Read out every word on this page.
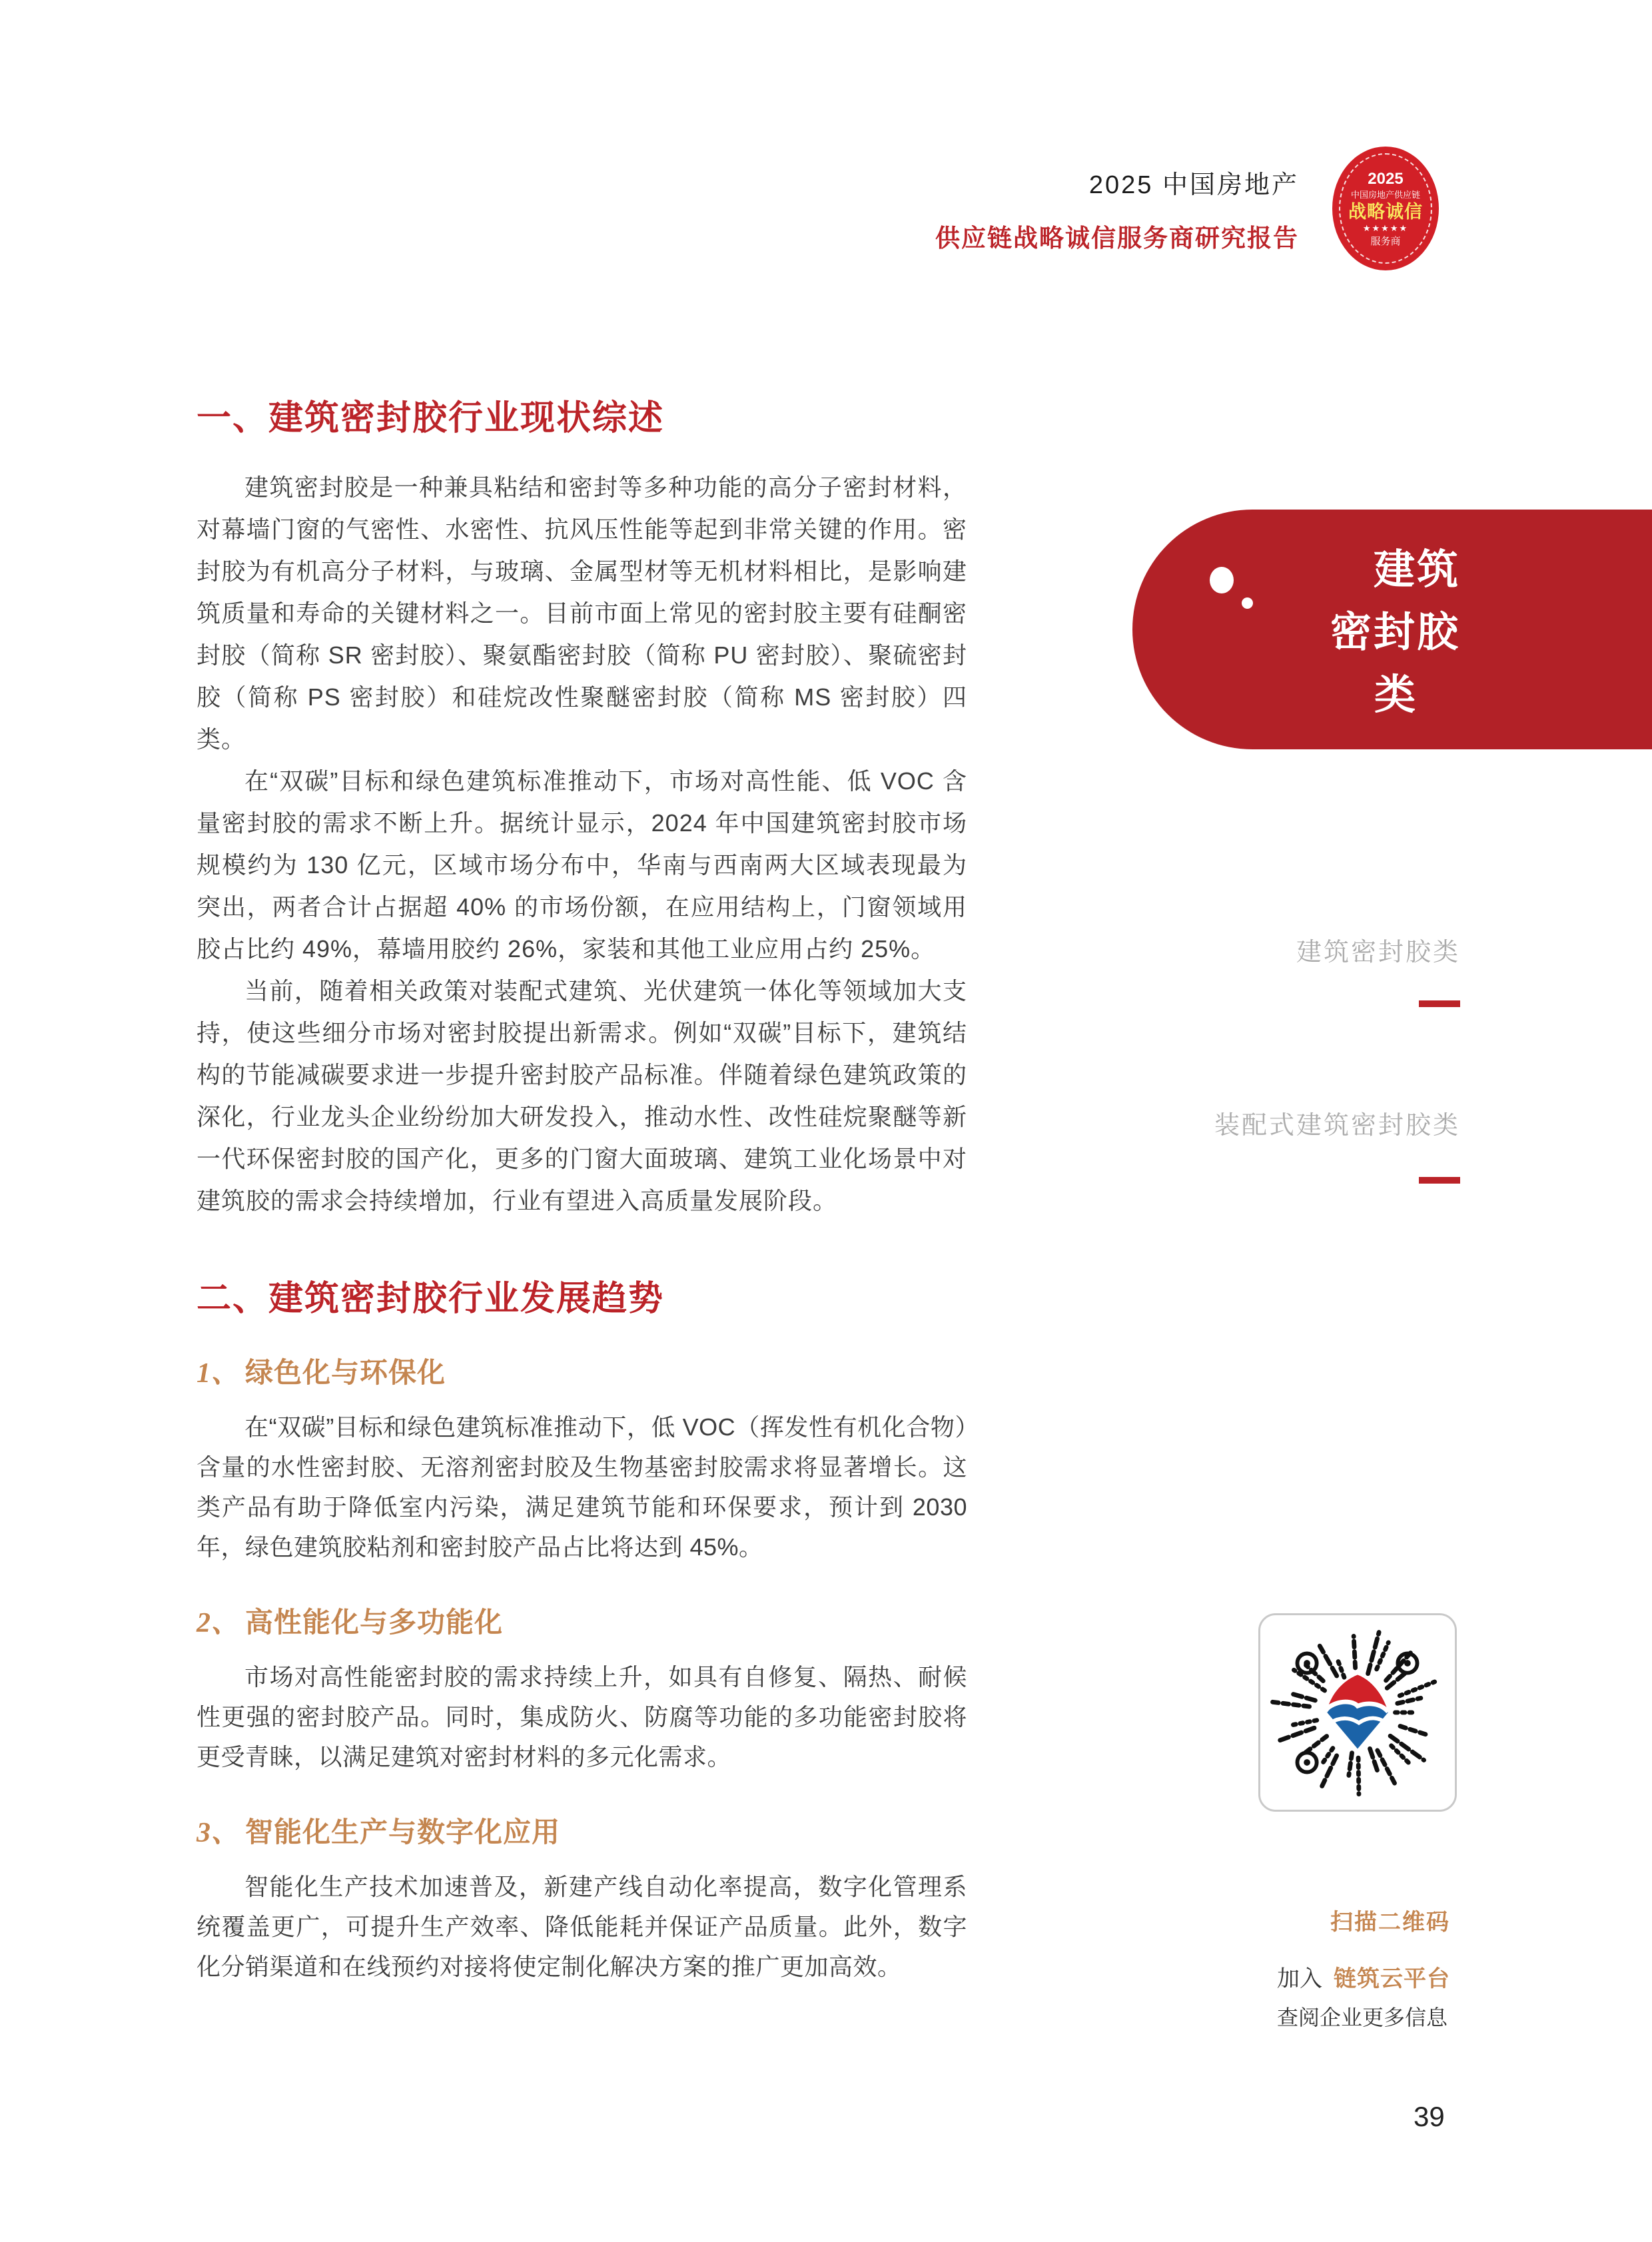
2025 中国房地产
供应链战略诚信服务商研究报告
2025
中国房地产供应链
战略诚信
★★★★★
服务商
一、建筑密封胶行业现状综述

建筑密封胶是一种兼具粘结和密封等多种功能的高分子密封材料，对幕墙门窗的气密性、水密性、抗风压性能等起到非常关键的作用。密封胶为有机高分子材料，与玻璃、金属型材等无机材料相比，是影响建筑质量和寿命的关键材料之一。目前市面上常见的密封胶主要有硅酮密封胶（简称 SR 密封胶）、聚氨酯密封胶（简称 PU 密封胶）、聚硫密封胶（简称 PS 密封胶）和硅烷改性聚醚密封胶（简称 MS 密封胶）四类。

在“双碳”目标和绿色建筑标准推动下，市场对高性能、低 VOC 含量密封胶的需求不断上升。据统计显示，2024 年中国建筑密封胶市场规模约为 130 亿元，区域市场分布中，华南与西南两大区域表现最为突出，两者合计占据超 40% 的市场份额，在应用结构上，门窗领域用胶占比约 49%，幕墙用胶约 26%，家装和其他工业应用占约 25%。

当前，随着相关政策对装配式建筑、光伏建筑一体化等领域加大支持，使这些细分市场对密封胶提出新需求。例如“双碳”目标下，建筑结构的节能减碳要求进一步提升密封胶产品标准。伴随着绿色建筑政策的深化，行业龙头企业纷纷加大研发投入，推动水性、改性硅烷聚醚等新一代环保密封胶的国产化，更多的门窗大面玻璃、建筑工业化场景中对建筑胶的需求会持续增加，行业有望进入高质量发展阶段。

二、建筑密封胶行业发展趋势
1、 绿色化与环保化

在“双碳”目标和绿色建筑标准推动下，低 VOC（挥发性有机化合物）含量的水性密封胶、无溶剂密封胶及生物基密封胶需求将显著增长。这类产品有助于降低室内污染，满足建筑节能和环保要求，预计到 2030 年，绿色建筑胶粘剂和密封胶产品占比将达到 45%。

2、 高性能化与多功能化

市场对高性能密封胶的需求持续上升，如具有自修复、隔热、耐候性更强的密封胶产品。同时，集成防火、防腐等功能的多功能密封胶将更受青睐，以满足建筑对密封材料的多元化需求。

3、 智能化生产与数字化应用

智能化生产技术加速普及，新建产线自动化率提高，数字化管理系统覆盖更广，可提升生产效率、降低能耗并保证产品质量。此外，数字化分销渠道和在线预约对接将使定制化解决方案的推广更加高效。

建筑
密封胶
类
建筑密封胶类
装配式建筑密封胶类
扫描二维码
加入 链筑云平台
查阅企业更多信息
39
